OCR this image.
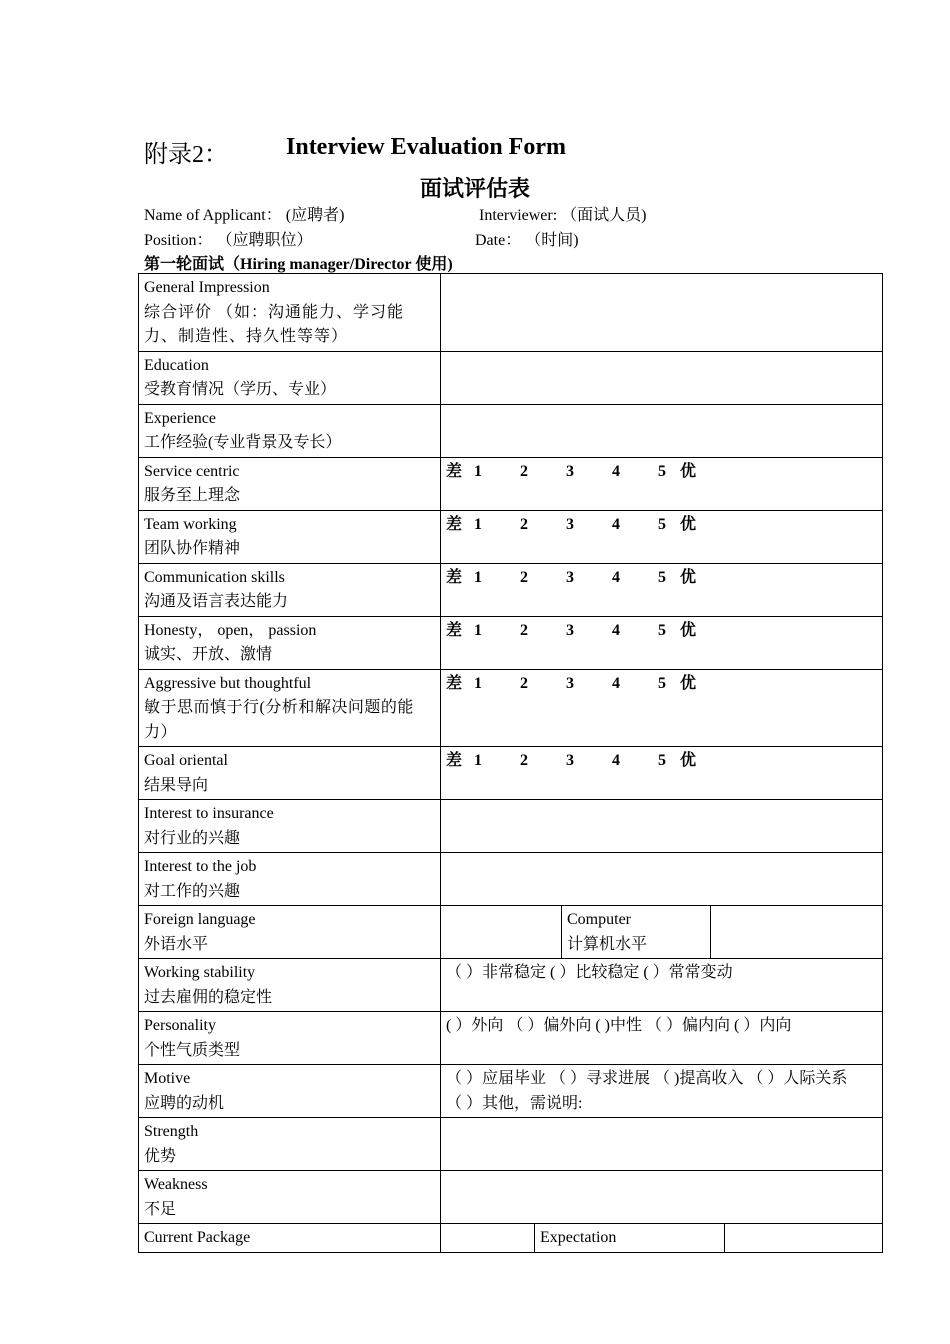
附录2： Interview Evaluation Form
面试评估表
Name of Applicant： (应聘者)	Interviewer: （面试人员)
Position： （应聘职位）	Date： （时间)
第一轮面试（Hiring manager/Director 使用)
General Impression
综合评价 （如：沟通能力、学习能力、制造性、持久性等等）					

Education
受教育情况（学历、专业）					

Experience
工作经验(专业背景及专长）					

Service centric
服务至上理念	差 1 2 3 4 5 优				

Team working
团队协作精神	差 1 2 3 4 5 优				

Communication skills
沟通及语言表达能力	差 1 2 3 4 5 优				

Honesty， open， passion
诚实、开放、激情	差 1 2 3 4 5 优				

Aggressive but thoughtful
敏于思而慎于行(分析和解决问题的能力）	差 1 2 3 4 5 优				

Goal oriental
结果导向	差 1 2 3 4 5 优				

Interest to insurance
对行业的兴趣					

Interest to the job
对工作的兴趣					

Foreign language
外语水平			Computer
计算机水平		

Working stability
过去雇佣的稳定性	（ ）非常稳定 ( ）比较稳定 ( ）常常变动				

Personality
个性气质类型	( ）外向 （ ）偏外向 ( )中性 （ ）偏内向 ( ）内向				

Motive
应聘的动机	（ ）应届毕业 （ ）寻求进展 （ )提高收入 （ ）人际关系
（ ）其他，需说明:				

Strength
优势					

Weakness
不足					

Current Package		Expectation			
